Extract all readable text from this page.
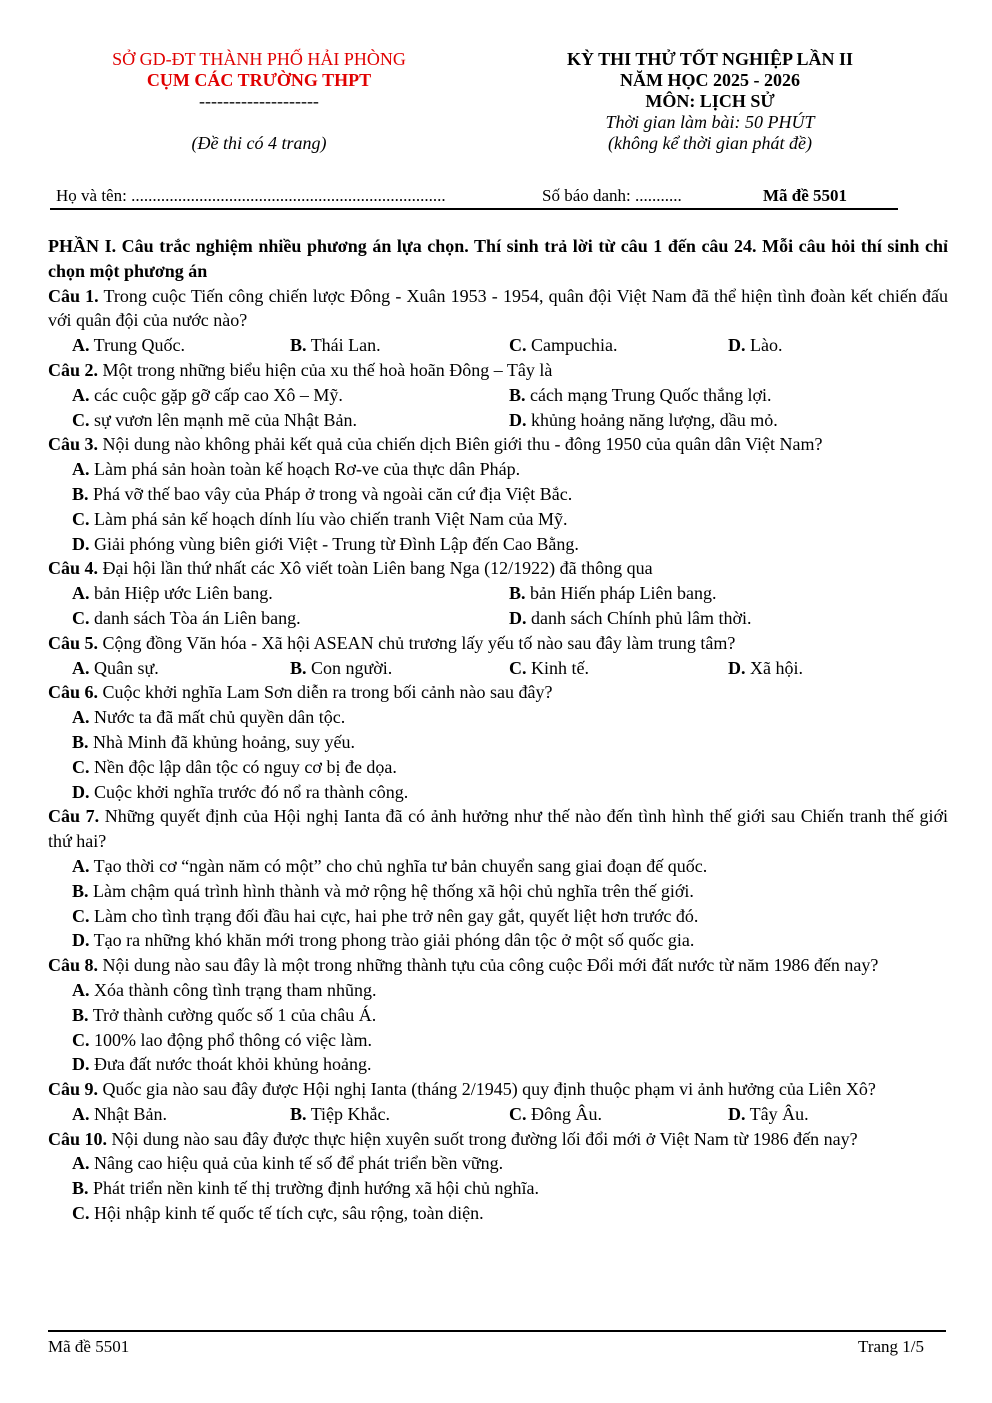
SỞ GD-ĐT THÀNH PHỐ HẢI PHÒNG
CỤM CÁC TRƯỜNG THPT
--------------------
(Đề thi có 4 trang)
KỲ THI THỬ TỐT NGHIỆP LẦN II
NĂM HỌC 2025 - 2026
MÔN: LỊCH SỬ
Thời gian làm bài: 50 PHÚT
(không kể thời gian phát đề)
Họ và tên: ..........................................................................	Số báo danh: ...........	Mã đề 5501
PHẦN I. Câu trắc nghiệm nhiều phương án lựa chọn. Thí sinh trả lời từ câu 1 đến câu 24. Mỗi câu hỏi thí sinh chỉ chọn một phương án
Câu 1. Trong cuộc Tiến công chiến lược Đông - Xuân 1953 - 1954, quân đội Việt Nam đã thể hiện tình đoàn kết chiến đấu với quân đội của nước nào?
A. Trung Quốc.	B. Thái Lan.	C. Campuchia.	D. Lào.
Câu 2. Một trong những biểu hiện của xu thế hoà hoãn Đông – Tây là
A. các cuộc gặp gỡ cấp cao Xô – Mỹ.	B. cách mạng Trung Quốc thắng lợi.
C. sự vươn lên mạnh mẽ của Nhật Bản.	D. khủng hoảng năng lượng, dầu mỏ.
Câu 3. Nội dung nào không phải kết quả của chiến dịch Biên giới thu - đông 1950 của quân dân Việt Nam?
A. Làm phá sản hoàn toàn kế hoạch Rơ-ve của thực dân Pháp.
B. Phá vỡ thế bao vây của Pháp ở trong và ngoài căn cứ địa Việt Bắc.
C. Làm phá sản kế hoạch dính líu vào chiến tranh Việt Nam của Mỹ.
D. Giải phóng vùng biên giới Việt - Trung từ Đình Lập đến Cao Bằng.
Câu 4. Đại hội lần thứ nhất các Xô viết toàn Liên bang Nga (12/1922) đã thông qua
A. bản Hiệp ước Liên bang.	B. bản Hiến pháp Liên bang.
C. danh sách Tòa án Liên bang.	D. danh sách Chính phủ lâm thời.
Câu 5. Cộng đồng Văn hóa - Xã hội ASEAN chủ trương lấy yếu tố nào sau đây làm trung tâm?
A. Quân sự.	B. Con người.	C. Kinh tế.	D. Xã hội.
Câu 6. Cuộc khởi nghĩa Lam Sơn diễn ra trong bối cảnh nào sau đây?
A. Nước ta đã mất chủ quyền dân tộc.
B. Nhà Minh đã khủng hoảng, suy yếu.
C. Nền độc lập dân tộc có nguy cơ bị đe dọa.
D. Cuộc khởi nghĩa trước đó nổ ra thành công.
Câu 7. Những quyết định của Hội nghị Ianta đã có ảnh hưởng như thế nào đến tình hình thế giới sau Chiến tranh thế giới thứ hai?
A. Tạo thời cơ “ngàn năm có một” cho chủ nghĩa tư bản chuyển sang giai đoạn đế quốc.
B. Làm chậm quá trình hình thành và mở rộng hệ thống xã hội chủ nghĩa trên thế giới.
C. Làm cho tình trạng đối đầu hai cực, hai phe trở nên gay gắt, quyết liệt hơn trước đó.
D. Tạo ra những khó khăn mới trong phong trào giải phóng dân tộc ở một số quốc gia.
Câu 8. Nội dung nào sau đây là một trong những thành tựu của công cuộc Đổi mới đất nước từ năm 1986 đến nay?
A. Xóa thành công tình trạng tham nhũng.
B. Trở thành cường quốc số 1 của châu Á.
C. 100% lao động phổ thông có việc làm.
D. Đưa đất nước thoát khỏi khủng hoảng.
Câu 9. Quốc gia nào sau đây được Hội nghị Ianta (tháng 2/1945) quy định thuộc phạm vi ảnh hưởng của Liên Xô?
A. Nhật Bản.	B. Tiệp Khắc.	C. Đông Âu.	D. Tây Âu.
Câu 10. Nội dung nào sau đây được thực hiện xuyên suốt trong đường lối đổi mới ở Việt Nam từ 1986 đến nay?
A. Nâng cao hiệu quả của kinh tế số để phát triển bền vững.
B. Phát triển nền kinh tế thị trường định hướng xã hội chủ nghĩa.
C. Hội nhập kinh tế quốc tế tích cực, sâu rộng, toàn diện.
Mã đề 5501	Trang 1/5
